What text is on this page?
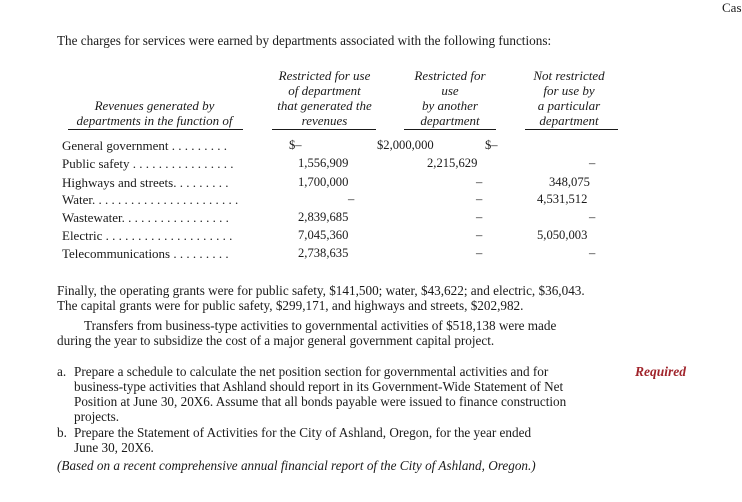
Cas
The charges for services were earned by departments associated with the following functions:
Revenues generated by
departments in the function of
Restricted for use
of department
that generated the
revenues
Restricted for
use
by another
department
Not restricted
for use by
a particular
department
General government . . . . . . . . .	$–	$2,000,000	$–
Public safety . . . . . . . . . . . . . . . .	1,556,909	2,215,629	–
Highways and streets. . . . . . . . .	1,700,000	–	348,075
Water. . . . . . . . . . . . . . . . . . . . . . .	–	–	4,531,512
Wastewater. . . . . . . . . . . . . . . . .	2,839,685	–	–
Electric . . . . . . . . . . . . . . . . . . . .	7,045,360	–	5,050,003
Telecommunications . . . . . . . . .	2,738,635	–	–
Finally, the operating grants were for public safety, $141,500; water, $43,622; and electric, $36,043.
The capital grants were for public safety, $299,171, and highways and streets, $202,982.
Transfers from business-type activities to governmental activities of $518,138 were made
during the year to subsidize the cost of a major general government capital project.
Required
a. Prepare a schedule to calculate the net position section for governmental activities and for
business-type activities that Ashland should report in its Government-Wide Statement of Net
Position at June 30, 20X6. Assume that all bonds payable were issued to finance construction
projects.
b. Prepare the Statement of Activities for the City of Ashland, Oregon, for the year ended
June 30, 20X6.
(Based on a recent comprehensive annual financial report of the City of Ashland, Oregon.)
